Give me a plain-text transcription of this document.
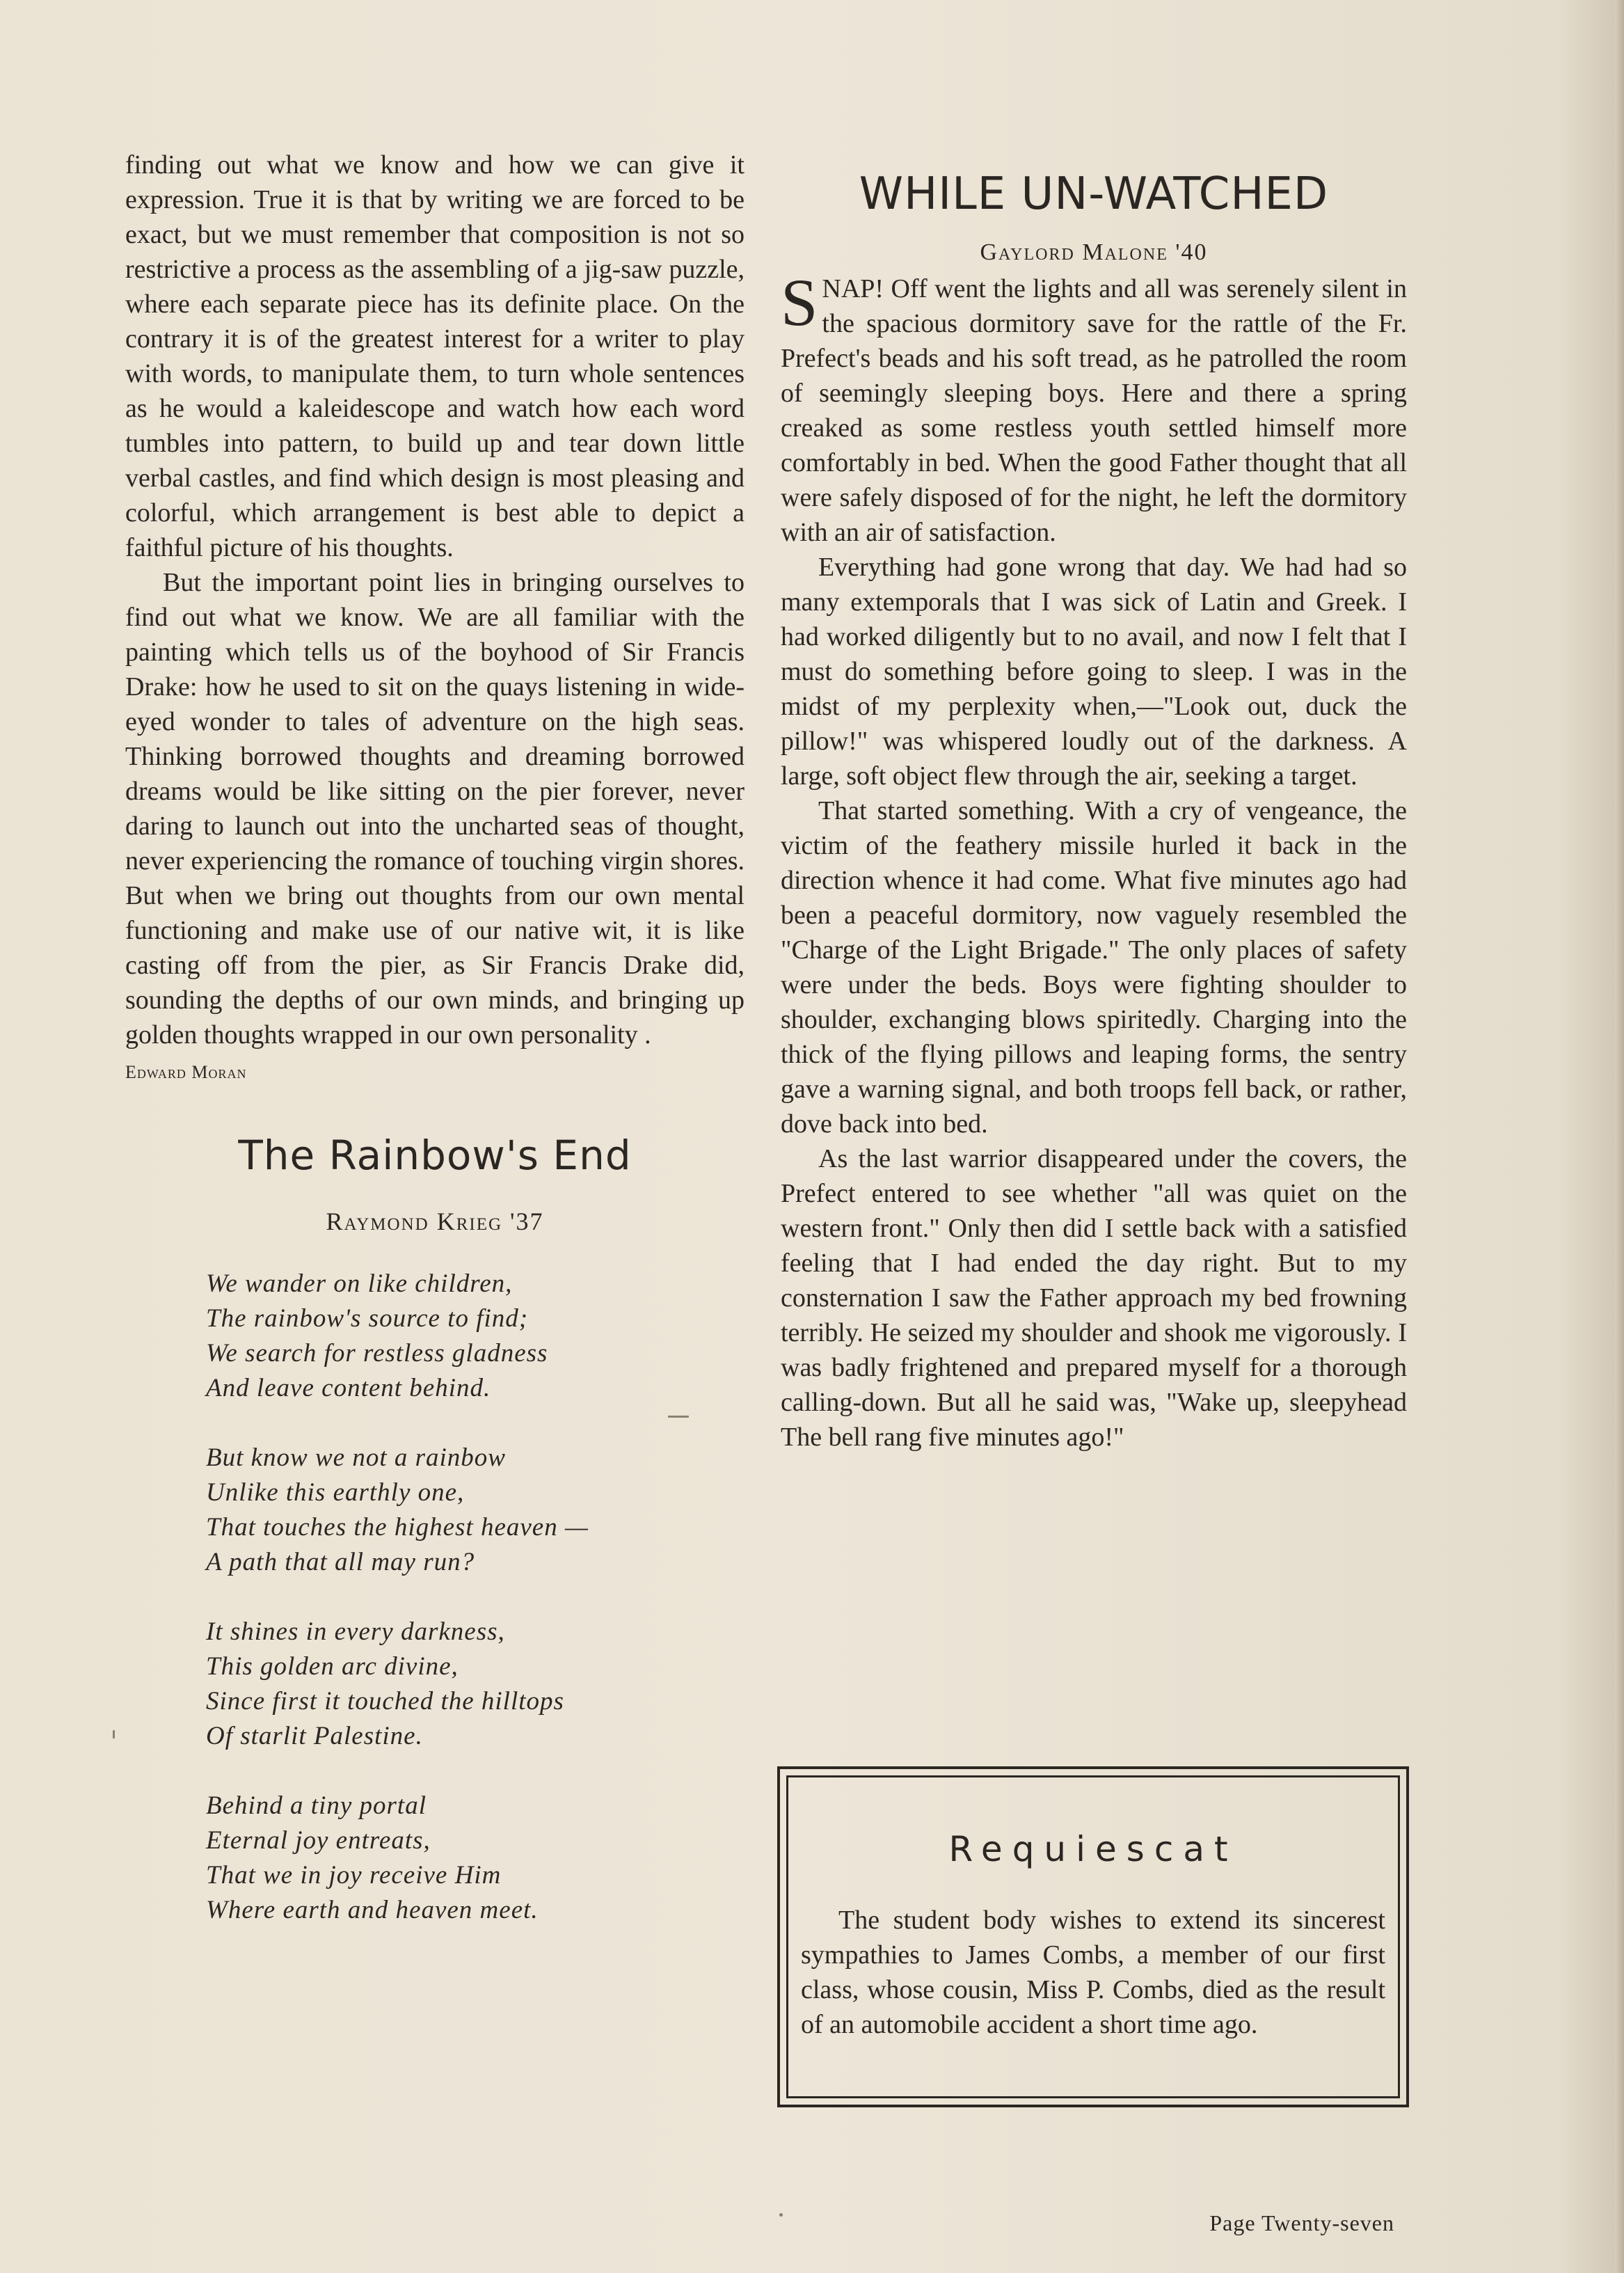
finding out what we know and how we can give it expression. True it is that by writing we are forced to be exact, but we must remember that composition is not so restrictive a process as the assembling of a jig-saw puzzle, where each separate piece has its definite place. On the contrary it is of the greatest interest for a writer to play with words, to manipulate them, to turn whole sentences as he would a kaleidescope and watch how each word tumbles into pattern, to build up and tear down little verbal castles, and find which design is most pleasing and colorful, which arrangement is best able to depict a faithful picture of his thoughts.

But the important point lies in bringing ourselves to find out what we know. We are all familiar with the painting which tells us of the boyhood of Sir Francis Drake: how he used to sit on the quays listening in wide-eyed wonder to tales of adventure on the high seas. Thinking borrowed thoughts and dreaming borrowed dreams would be like sitting on the pier forever, never daring to launch out into the uncharted seas of thought, never experiencing the romance of touching virgin shores. But when we bring out thoughts from our own mental functioning and make use of our native wit, it is like casting off from the pier, as Sir Francis Drake did, sounding the depths of our own minds, and bringing up golden thoughts wrapped in our own personality .

Edward Moran
The Rainbow's End
Raymond Krieg '37
We wander on like children,
The rainbow's source to find;
We search for restless gladness
And leave content behind.
But know we not a rainbow
Unlike this earthly one,
That touches the highest heaven —
A path that all may run?
It shines in every darkness,
This golden arc divine,
Since first it touched the hilltops
Of starlit Palestine.
Behind a tiny portal
Eternal joy entreats,
That we in joy receive Him
Where earth and heaven meet.
WHILE UN-WATCHED
Gaylord Malone '40

SNAP! Off went the lights and all was serenely silent in the spacious dormitory save for the rattle of the Fr. Prefect's beads and his soft tread, as he patrolled the room of seemingly sleeping boys. Here and there a spring creaked as some restless youth settled himself more comfortably in bed. When the good Father thought that all were safely disposed of for the night, he left the dormitory with an air of satisfaction.

Everything had gone wrong that day. We had had so many extemporals that I was sick of Latin and Greek. I had worked diligently but to no avail, and now I felt that I must do something before going to sleep. I was in the midst of my perplexity when,—"Look out, duck the pillow!" was whispered loudly out of the darkness. A large, soft object flew through the air, seeking a target.

That started something. With a cry of vengeance, the victim of the feathery missile hurled it back in the direction whence it had come. What five minutes ago had been a peaceful dormitory, now vaguely resembled the "Charge of the Light Brigade." The only places of safety were under the beds. Boys were fighting shoulder to shoulder, exchanging blows spiritedly. Charging into the thick of the flying pillows and leaping forms, the sentry gave a warning signal, and both troops fell back, or rather, dove back into bed.

As the last warrior disappeared under the covers, the Prefect entered to see whether "all was quiet on the western front." Only then did I settle back with a satisfied feeling that I had ended the day right. But to my consternation I saw the Father approach my bed frowning terribly. He seized my shoulder and shook me vigorously. I was badly frightened and prepared myself for a thorough calling-down. But all he said was, "Wake up, sleepyhead The bell rang five minutes ago!"

Requiescat
The student body wishes to extend its sincerest sympathies to James Combs, a member of our first class, whose cousin, Miss P. Combs, died as the result of an automobile accident a short time ago.
Page Twenty-seven
